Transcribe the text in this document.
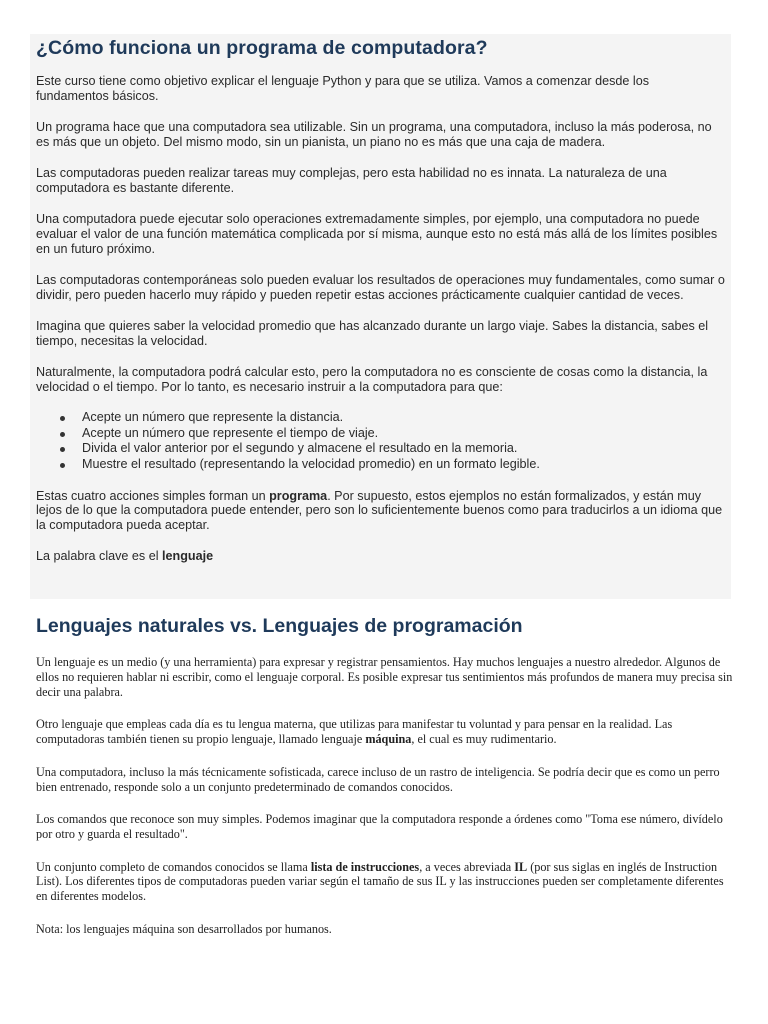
¿Cómo funciona un programa de computadora?

Este curso tiene como objetivo explicar el lenguaje Python y para que se utiliza. Vamos a comenzar desde los fundamentos básicos.

Un programa hace que una computadora sea utilizable. Sin un programa, una computadora, incluso la más poderosa, no es más que un objeto. Del mismo modo, sin un pianista, un piano no es más que una caja de madera.

Las computadoras pueden realizar tareas muy complejas, pero esta habilidad no es innata. La naturaleza de una computadora es bastante diferente.

Una computadora puede ejecutar solo operaciones extremadamente simples, por ejemplo, una computadora no puede evaluar el valor de una función matemática complicada por sí misma, aunque esto no está más allá de los límites posibles en un futuro próximo.

Las computadoras contemporáneas solo pueden evaluar los resultados de operaciones muy fundamentales, como sumar o dividir, pero pueden hacerlo muy rápido y pueden repetir estas acciones prácticamente cualquier cantidad de veces.

Imagina que quieres saber la velocidad promedio que has alcanzado durante un largo viaje. Sabes la distancia, sabes el tiempo, necesitas la velocidad.

Naturalmente, la computadora podrá calcular esto, pero la computadora no es consciente de cosas como la distancia, la velocidad o el tiempo. Por lo tanto, es necesario instruir a la computadora para que:

Acepte un número que represente la distancia.
Acepte un número que represente el tiempo de viaje.
Divida el valor anterior por el segundo y almacene el resultado en la memoria.
Muestre el resultado (representando la velocidad promedio) en un formato legible.

Estas cuatro acciones simples forman un programa. Por supuesto, estos ejemplos no están formalizados, y están muy lejos de lo que la computadora puede entender, pero son lo suficientemente buenos como para traducirlos a un idioma que la computadora pueda aceptar.

La palabra clave es el lenguaje

Lenguajes naturales vs. Lenguajes de programación

Un lenguaje es un medio (y una herramienta) para expresar y registrar pensamientos. Hay muchos lenguajes a nuestro alrededor. Algunos de ellos no requieren hablar ni escribir, como el lenguaje corporal. Es posible expresar tus sentimientos más profundos de manera muy precisa sin decir una palabra.

Otro lenguaje que empleas cada día es tu lengua materna, que utilizas para manifestar tu voluntad y para pensar en la realidad. Las computadoras también tienen su propio lenguaje, llamado lenguaje máquina, el cual es muy rudimentario.

Una computadora, incluso la más técnicamente sofisticada, carece incluso de un rastro de inteligencia. Se podría decir que es como un perro bien entrenado, responde solo a un conjunto predeterminado de comandos conocidos.

Los comandos que reconoce son muy simples. Podemos imaginar que la computadora responde a órdenes como "Toma ese número, divídelo por otro y guarda el resultado".

Un conjunto completo de comandos conocidos se llama lista de instrucciones, a veces abreviada IL (por sus siglas en inglés de Instruction List). Los diferentes tipos de computadoras pueden variar según el tamaño de sus IL y las instrucciones pueden ser completamente diferentes en diferentes modelos.

Nota: los lenguajes máquina son desarrollados por humanos.
